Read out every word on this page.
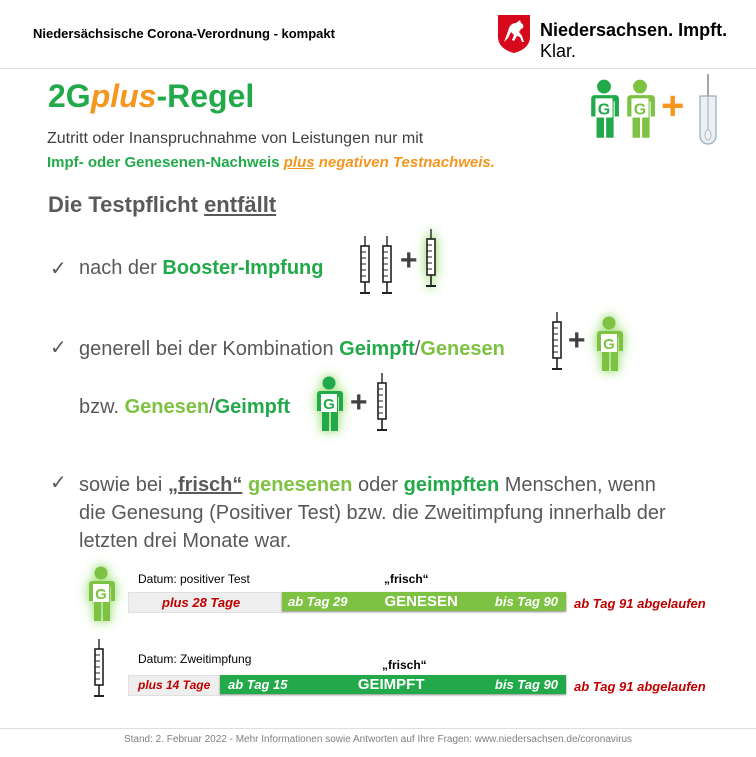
Niedersächsische Corona-Verordnung - kompakt	Niedersachsen. Impft. Klar.
2Gplus-Regel	+
Zutritt oder Inanspruchnahme von Leistungen nur mit
Impf- oder Genesenen-Nachweis plus negativen Testnachweis.
Die Testpflicht entfällt
✓ nach der Booster-Impfung	+
✓ generell bei der Kombination Geimpft/Genesen +
bzw. Genesen/Geimpft +
✓ sowie bei „frisch“ genesenen oder geimpften Menschen, wenn
die Genesung (Positiver Test) bzw. die Zweitimpfung innerhalb der
letzten drei Monate war.
Datum: positiver Test	„frisch“
plus 28 Tage	ab Tag 29	GENESEN	bis Tag 90	ab Tag 91 abgelaufen
Datum: Zweitimpfung	„frisch“
plus 14 Tage	ab Tag 15	GEIMPFT	bis Tag 90	ab Tag 91 abgelaufen
Stand: 2. Februar 2022 - Mehr Informationen sowie Antworten auf Ihre Fragen: www.niedersachsen.de/coronavirus
